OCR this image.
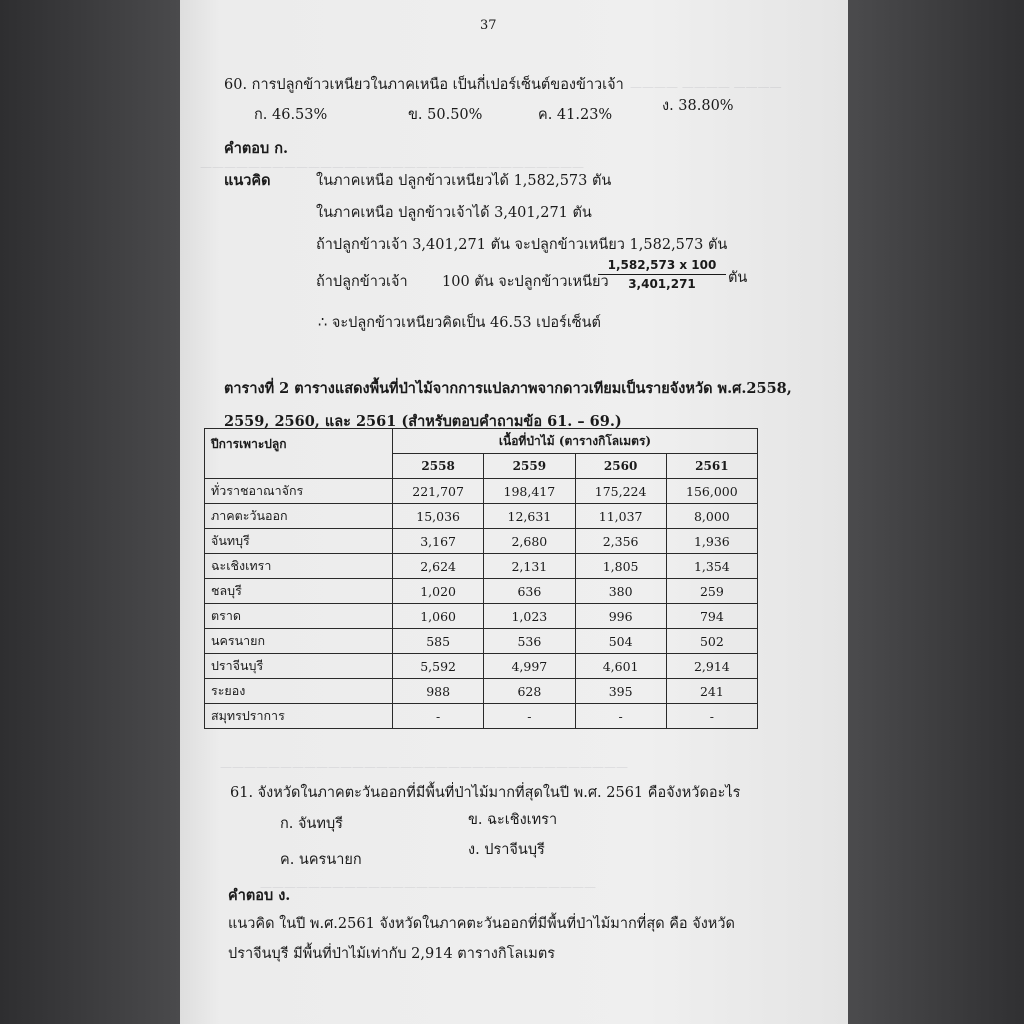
———— ———— ————
————————————————————————————————
——————————————————————————————————
————————————————————————————
37
60. การปลูกข้าวเหนียวในภาคเหนือ เป็นกี่เปอร์เซ็นต์ของข้าวเจ้า
ก. 46.53%	ข. 50.50%	ค. 41.23%
ง. 38.80%
คำตอบ ก.
แนวคิด	ในภาคเหนือ ปลูกข้าวเหนียวได้ 1,582,573 ตัน
ในภาคเหนือ ปลูกข้าวเจ้าได้ 3,401,271 ตัน
ถ้าปลูกข้าวเจ้า 3,401,271 ตัน จะปลูกข้าวเหนียว 1,582,573 ตัน
ถ้าปลูกข้าวเจ้า 100 ตัน จะปลูกข้าวเหนียว
$\frac{1,582,573 x 100}{3,401,271}$ ตัน
∴ จะปลูกข้าวเหนียวคิดเป็น 46.53 เปอร์เซ็นต์
ตารางที่ 2 ตารางแสดงพื้นที่ป่าไม้จากการแปลภาพจากดาวเทียมเป็นรายจังหวัด พ.ศ.2558,
2559, 2560, และ 2561 (สำหรับตอบคำถามข้อ 61. – 69.)
ปีการเพาะปลูก	เนื้อที่ป่าไม้ (ตารางกิโลเมตร)			
	2558	2559	2560	2561
ทั่วราชอาณาจักร	221,707	198,417	175,224	156,000
ภาคตะวันออก	15,036	12,631	11,037	8,000
จันทบุรี	3,167	2,680	2,356	1,936
ฉะเชิงเทรา	2,624	2,131	1,805	1,354
ชลบุรี	1,020	636	380	259
ตราด	1,060	1,023	996	794
นครนายก	585	536	504	502
ปราจีนบุรี	5,592	4,997	4,601	2,914
ระยอง	988	628	395	241
สมุทรปราการ	-	-	-	-
61. จังหวัดในภาคตะวันออกที่มีพื้นที่ป่าไม้มากที่สุดในปี พ.ศ. 2561 คือจังหวัดอะไร
ก. จันทบุรี	ข. ฉะเชิงเทรา
ค. นครนายก
ง. ปราจีนบุรี
คำตอบ ง.
แนวคิด ในปี พ.ศ.2561 จังหวัดในภาคตะวันออกที่มีพื้นที่ป่าไม้มากที่สุด คือ จังหวัด
ปราจีนบุรี มีพื้นที่ป่าไม้เท่ากับ 2,914 ตารางกิโลเมตร
